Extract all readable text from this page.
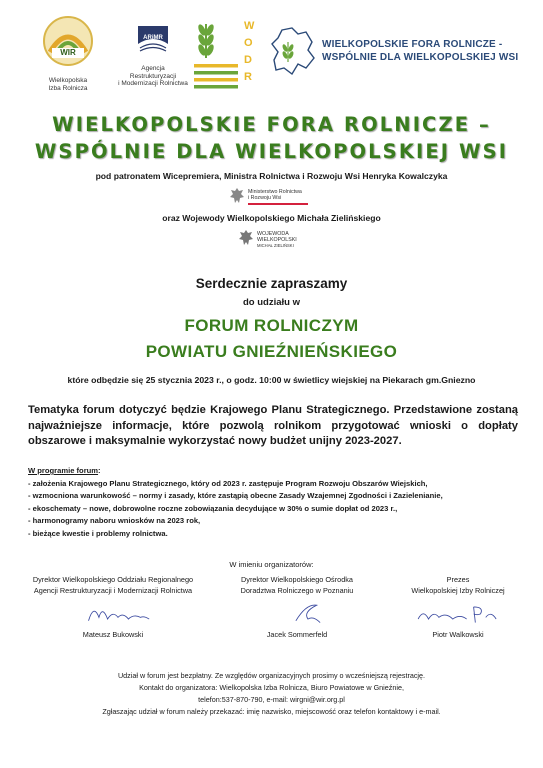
WIR
Wielkopolska
Izba Rolnicza
ARiMR
Agencja Restrukturyzacji
i Modernizacji Rolnictwa
W
O
D
R
WIELKOPOLSKIE FORA ROLNICZE -
WSPÓLNIE DLA WIELKOPOLSKIEJ WSI
WIELKOPOLSKIE FORA ROLNICZE –
WSPÓLNIE DLA WIELKOPOLSKIEJ WSI
pod patronatem Wicepremiera, Ministra Rolnictwa i Rozwoju Wsi Henryka Kowalczyka
Ministerstwo Rolnictwa
i Rozwoju Wsi
oraz Wojewody Wielkopolskiego Michała Zielińskiego
WOJEWODA
WIELKOPOLSKI
MICHAŁ ZIELIŃSKI
Serdecznie zapraszamy
do udziału w
FORUM ROLNICZYM
POWIATU GNIEŹNIEŃSKIEGO
które odbędzie się 25 stycznia 2023 r., o godz. 10:00 w świetlicy wiejskiej na Piekarach gm.Gniezno
Tematyka forum dotyczyć będzie Krajowego Planu Strategicznego. Przedstawione zostaną najważniejsze informacje, które pozwolą rolnikom przygotować wnioski o dopłaty obszarowe i maksymalnie wykorzystać nowy budżet unijny 2023-2027.
W programie forum:
- założenia Krajowego Planu Strategicznego, który od 2023 r. zastępuje Program Rozwoju Obszarów Wiejskich,
- wzmocniona warunkowość – normy i zasady, które zastąpią obecne Zasady Wzajemnej Zgodności i Zazielenianie,
- ekoschematy – nowe, dobrowolne roczne zobowiązania decydujące w 30% o sumie dopłat od 2023 r.,
- harmonogramy naboru wniosków na 2023 rok,
- bieżące kwestie i problemy rolnictwa.
W imieniu organizatorów:
Dyrektor Wielkopolskiego Oddziału Regionalnego
Agencji Restrukturyzacji i Modernizacji Rolnictwa
Mateusz Bukowski
Dyrektor Wielkopolskiego Ośrodka
Doradztwa Rolniczego w Poznaniu
Jacek Sommerfeld
Prezes
Wielkopolskiej Izby Rolniczej
Piotr Walkowski
Udział w forum jest bezpłatny. Ze względów organizacyjnych prosimy o wcześniejszą rejestrację.
Kontakt do organizatora: Wielkopolska Izba Rolnicza, Biuro Powiatowe w Gnieźnie,
telefon:537-870-790, e-mail: wirgni@wir.org.pl
Zgłaszając udział w forum należy przekazać: imię nazwisko, miejscowość oraz telefon kontaktowy i e-mail.
